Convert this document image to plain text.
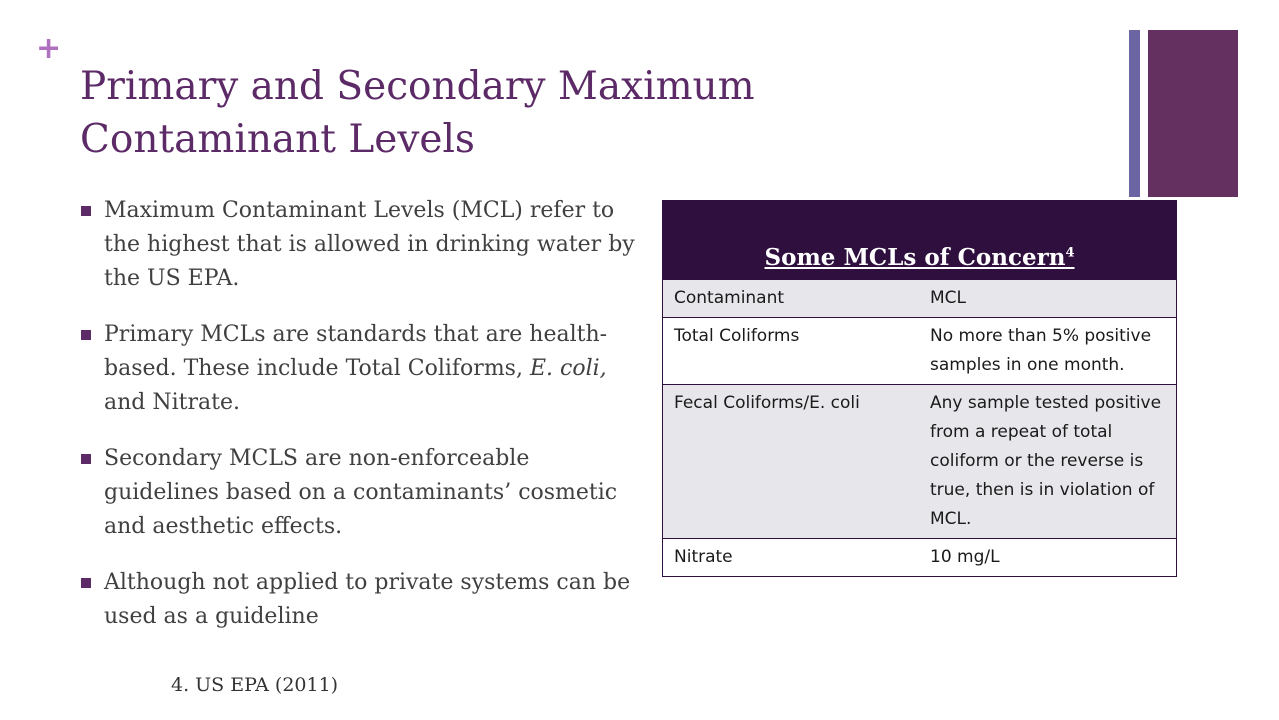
+
Primary and Secondary Maximum
Contaminant Levels
Maximum Contaminant Levels (MCL) refer to the highest that is allowed in drinking water by the US EPA.
Primary MCLs are standards that are health-based. These include Total Coliforms, E. coli, and Nitrate.
Secondary MCLS are non-enforceable guidelines based on a contaminants’ cosmetic and aesthetic effects.
Although not applied to private systems can be used as a guideline
4. US EPA (2011)
Some MCLs of Concern$^4$
Contaminant	MCL
Total Coliforms	No more than 5% positive samples in one month.
Fecal Coliforms/E. coli	Any sample tested positive from a repeat of total coliform or the reverse is true, then is in violation of MCL.
Nitrate	10 mg/L
